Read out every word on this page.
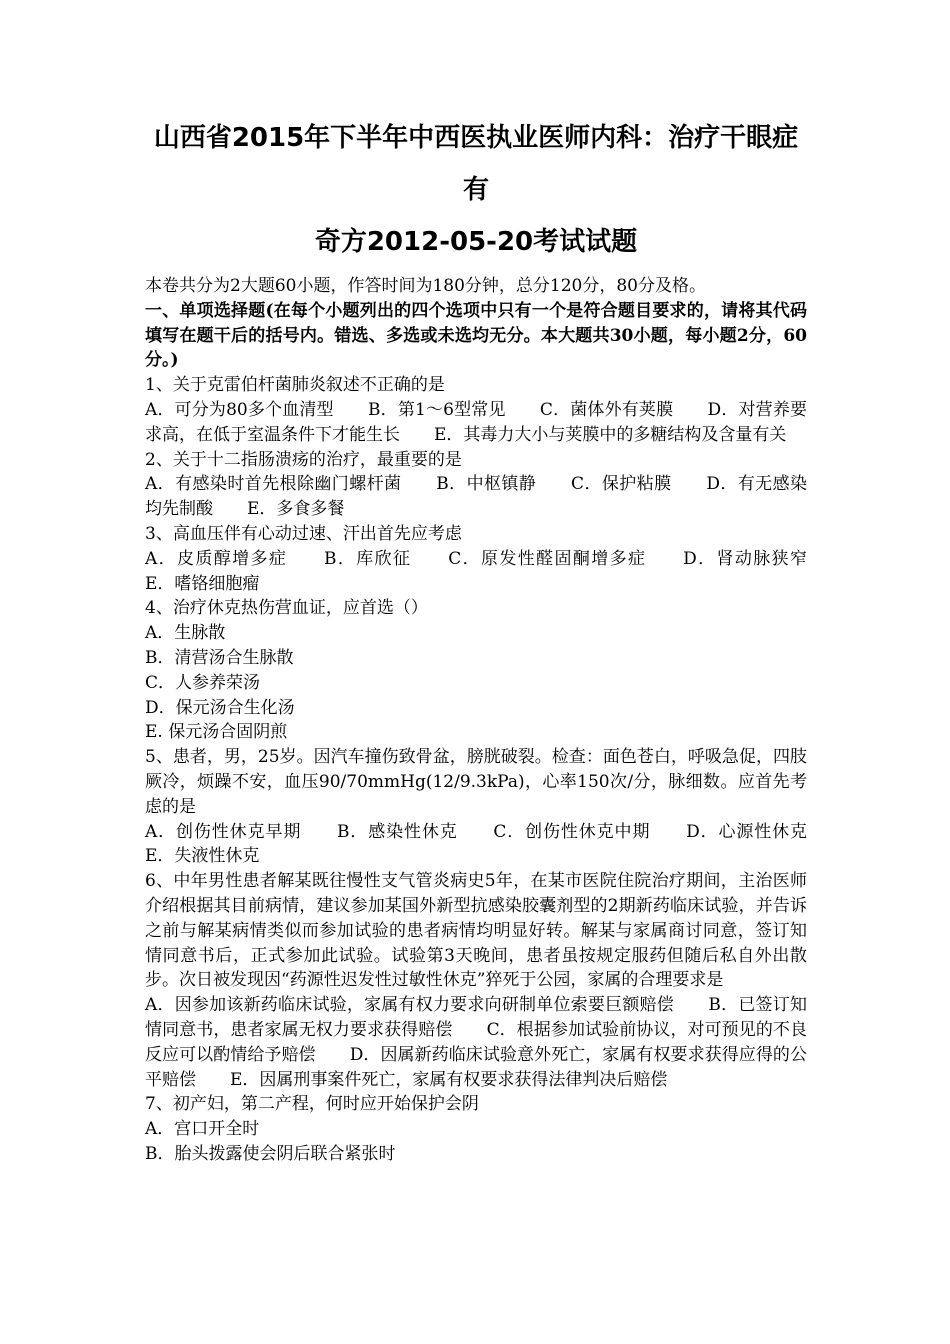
山西省2015年下半年中西医执业医师内科：治疗干眼症有
奇方2012-05-20考试试题

本卷共分为2大题60小题，作答时间为180分钟，总分120分，80分及格。

一、单项选择题(在每个小题列出的四个选项中只有一个是符合题目要求的，请将其代码填写在题干后的括号内。错选、多选或未选均无分。本大题共30小题，每小题2分，60分。)

1、关于克雷伯杆菌肺炎叙述不正确的是

A．可分为80多个血清型　　B．第1～6型常见　　C．菌体外有荚膜　　D．对营养要求高，在低于室温条件下才能生长　　E．其毒力大小与荚膜中的多糖结构及含量有关

2、关于十二指肠溃疡的治疗，最重要的是

A．有感染时首先根除幽门螺杆菌　　B．中枢镇静　　C．保护粘膜　　D．有无感染均先制酸　　E．多食多餐

3、高血压伴有心动过速、汗出首先应考虑

A．皮质醇增多症　　B．库欣征　　C．原发性醛固酮增多症　　D．肾动脉狭窄　　E．嗜铬细胞瘤

4、治疗休克热伤营血证，应首选（）

A．生脉散

B．清营汤合生脉散

C．人参养荣汤

D．保元汤合生化汤

E. 保元汤合固阴煎

5、患者，男，25岁。因汽车撞伤致骨盆，膀胱破裂。检查：面色苍白，呼吸急促，四肢厥冷，烦躁不安，血压90/70mmHg(12/9.3kPa)，心率150次/分，脉细数。应首先考虑的是

A．创伤性休克早期　　B．感染性休克　　C．创伤性休克中期　　D．心源性休克　　E．失液性休克

6、中年男性患者解某既往慢性支气管炎病史5年，在某市医院住院治疗期间，主治医师介绍根据其目前病情，建议参加某国外新型抗感染胶囊剂型的2期新药临床试验，并告诉之前与解某病情类似而参加试验的患者病情均明显好转。解某与家属商讨同意，签订知情同意书后，正式参加此试验。试验第3天晚间，患者虽按规定服药但随后私自外出散步。次日被发现因“药源性迟发性过敏性休克”猝死于公园，家属的合理要求是

A．因参加该新药临床试验，家属有权力要求向研制单位索要巨额赔偿　　B．已签订知情同意书，患者家属无权力要求获得赔偿　　C．根据参加试验前协议，对可预见的不良反应可以酌情给予赔偿　　D．因属新药临床试验意外死亡，家属有权要求获得应得的公平赔偿　　E．因属刑事案件死亡，家属有权要求获得法律判决后赔偿

7、初产妇，第二产程，何时应开始保护会阴

A．宫口开全时

B．胎头拨露使会阴后联合紧张时
